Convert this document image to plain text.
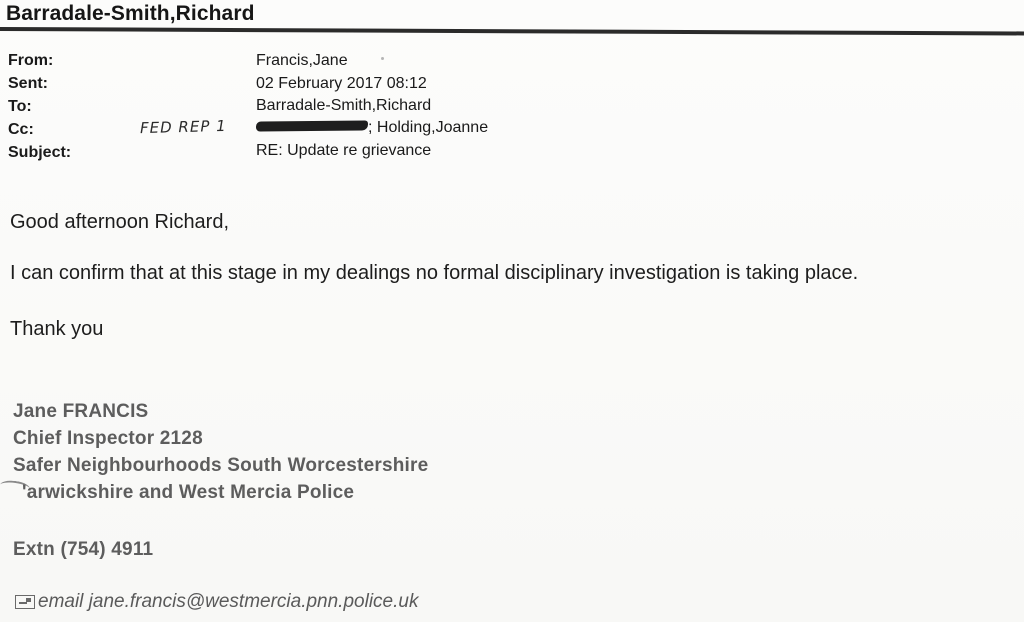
Barradale-Smith,Richard
From:	Francis,Jane
Sent:	02 February 2017 08:12
To:	Barradale-Smith,Richard
Cc:	FED REP 1	; Holding,Joanne
Subject:	RE: Update re grievance
Good afternoon Richard,
I can confirm that at this stage in my dealings no formal disciplinary investigation is taking place.
Thank you
Jane FRANCIS
Chief Inspector 2128
Safer Neighbourhoods South Worcestershire
'arwickshire and West Mercia Police
Extn (754) 4911
email jane.francis@westmercia.pnn.police.uk
